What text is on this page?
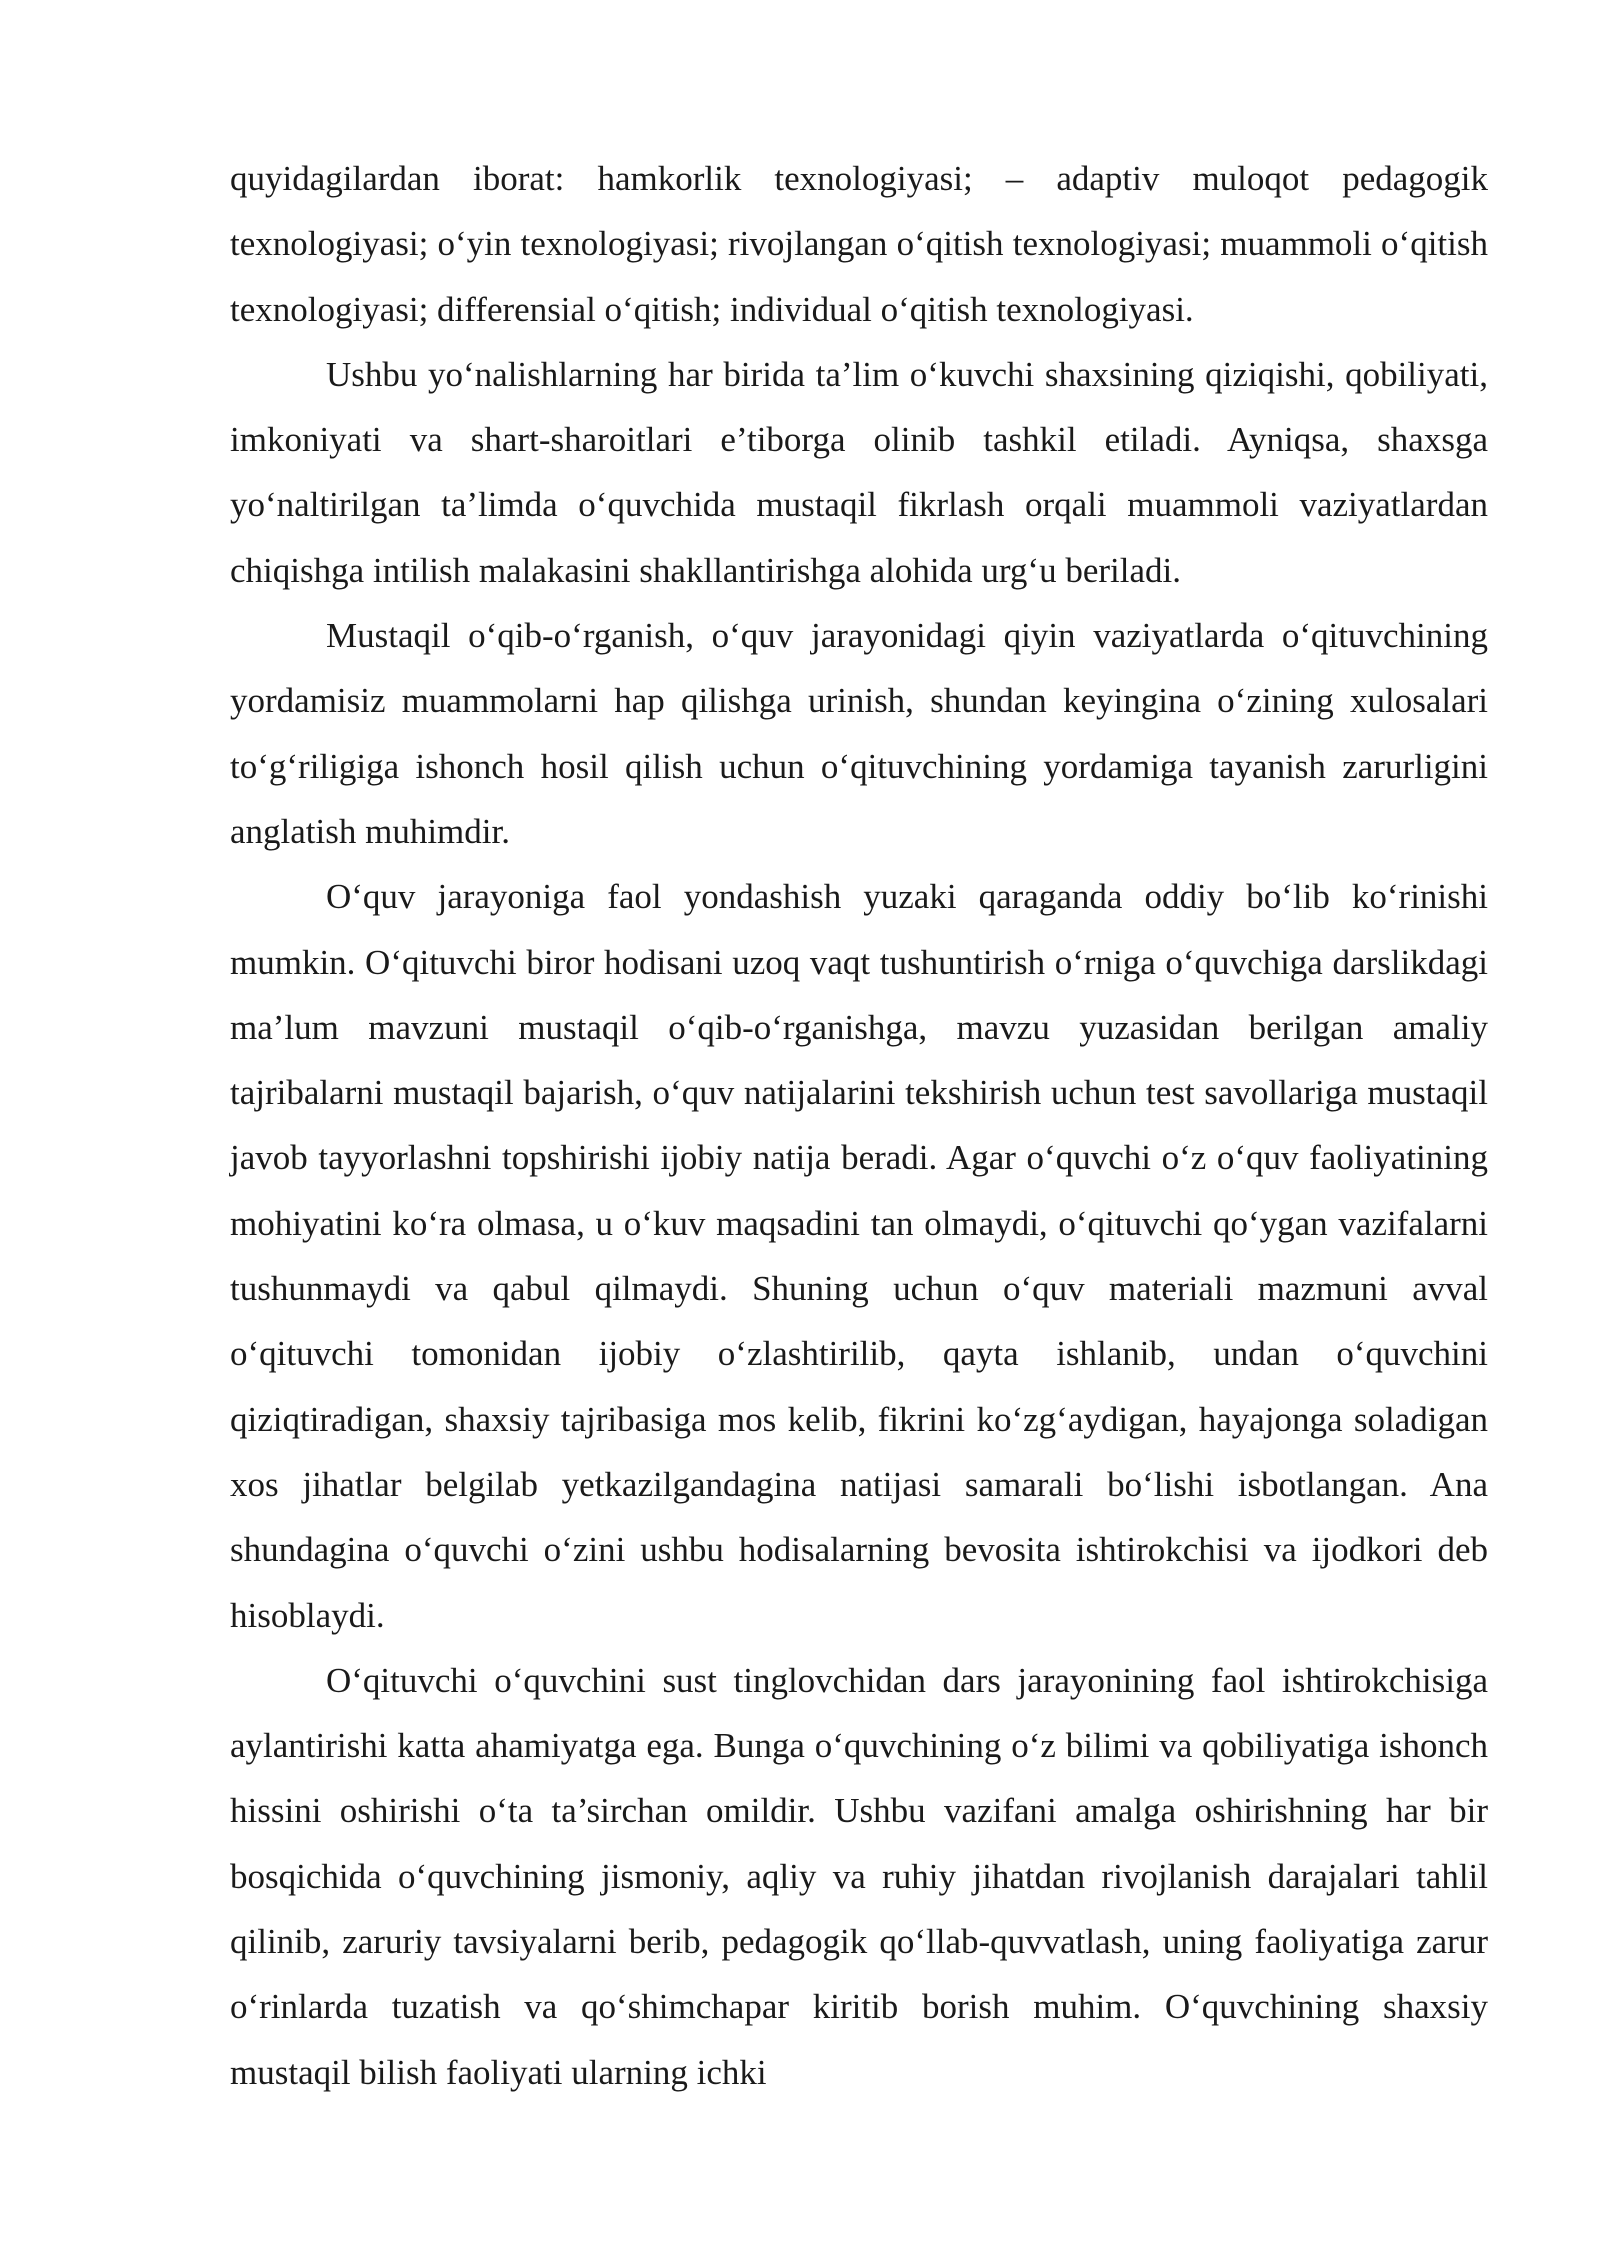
quyidagilardan iborat: hamkorlik texnologiyasi; – adaptiv muloqot pedagogik texnologiyasi; o‘yin texnologiyasi; rivojlangan o‘qitish texnologiyasi; muammoli o‘qitish texnologiyasi; differensial o‘qitish; individual o‘qitish texnologiyasi.

Ushbu yo‘nalishlarning har birida ta’lim o‘kuvchi shaxsining qiziqishi, qobiliyati, imkoniyati va shart-sharoitlari e’tiborga olinib tashkil etiladi. Ayniqsa, shaxsga yo‘naltirilgan ta’limda o‘quvchida mustaqil fikrlash orqali muammoli vaziyatlardan chiqishga intilish malakasini shakllantirishga alohida urg‘u beriladi.

Mustaqil o‘qib-o‘rganish, o‘quv jarayonidagi qiyin vaziyatlarda o‘qituvchining yordamisiz muammolarni hap qilishga urinish, shundan keyingina o‘zining xulosalari to‘g‘riligiga ishonch hosil qilish uchun o‘qituvchining yordamiga tayanish zarurligini anglatish muhimdir.

O‘quv jarayoniga faol yondashish yuzaki qaraganda oddiy bo‘lib ko‘rinishi mumkin. O‘qituvchi biror hodisani uzoq vaqt tushuntirish o‘rniga o‘quvchiga darslikdagi ma’lum mavzuni mustaqil o‘qib-o‘rganishga, mavzu yuzasidan berilgan amaliy tajribalarni mustaqil bajarish, o‘quv natijalarini tekshirish uchun test savollariga mustaqil javob tayyorlashni topshirishi ijobiy natija beradi. Agar o‘quvchi o‘z o‘quv faoliyatining mohiyatini ko‘ra olmasa, u o‘kuv maqsadini tan olmaydi, o‘qituvchi qo‘ygan vazifalarni tushunmaydi va qabul qilmaydi. Shuning uchun o‘quv materiali mazmuni avval o‘qituvchi tomonidan ijobiy o‘zlashtirilib, qayta ishlanib, undan o‘quvchini qiziqtiradigan, shaxsiy tajribasiga mos kelib, fikrini ko‘zg‘aydigan, hayajonga soladigan xos jihatlar belgilab yetkazilgandagina natijasi samarali bo‘lishi isbotlangan. Ana shundagina o‘quvchi o‘zini ushbu hodisalarning bevosita ishtirokchisi va ijodkori deb hisoblaydi.

O‘qituvchi o‘quvchini sust tinglovchidan dars jarayonining faol ishtirokchisiga aylantirishi katta ahamiyatga ega. Bunga o‘quvchining o‘z bilimi va qobiliyatiga ishonch hissini oshirishi o‘ta ta’sirchan omildir. Ushbu vazifani amalga oshirishning har bir bosqichida o‘quvchining jismoniy, aqliy va ruhiy jihatdan rivojlanish darajalari tahlil qilinib, zaruriy tavsiyalarni berib, pedagogik qo‘llab-quvvatlash, uning faoliyatiga zarur o‘rinlarda tuzatish va qo‘shimchapar kiritib borish muhim. O‘quvchining shaxsiy mustaqil bilish faoliyati ularning ichki
